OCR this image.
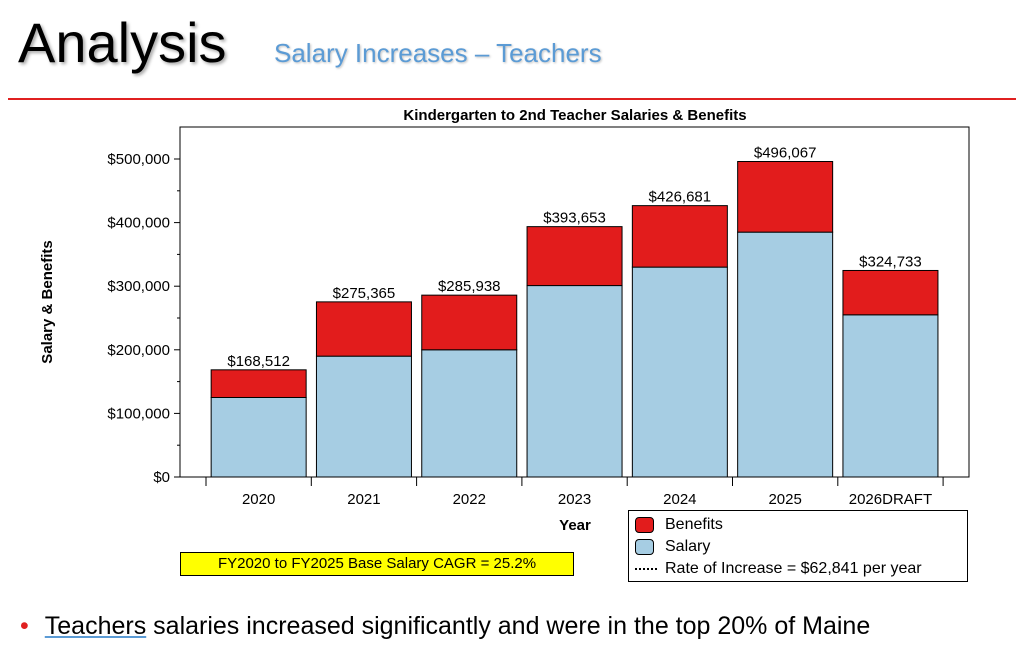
Analysis Salary Increases – Teachers
Kindergarten to 2nd Teacher Salaries & Benefits
$0
$100,000
$200,000
$300,000
$400,000
$500,000
$168,512
$275,365	$285,938
$393,653
$426,681
$496,067
$324,733
2020	2021	2022	2023	2024	2025	2026DRAFT
Year
Salary & Benefits
FY2020 to FY2025 Base Salary CAGR = 25.2%
Benefits
Salary
Rate of Increase = $62,841 per year
• Teachers salaries increased significantly and were in the top 20% of Maine
